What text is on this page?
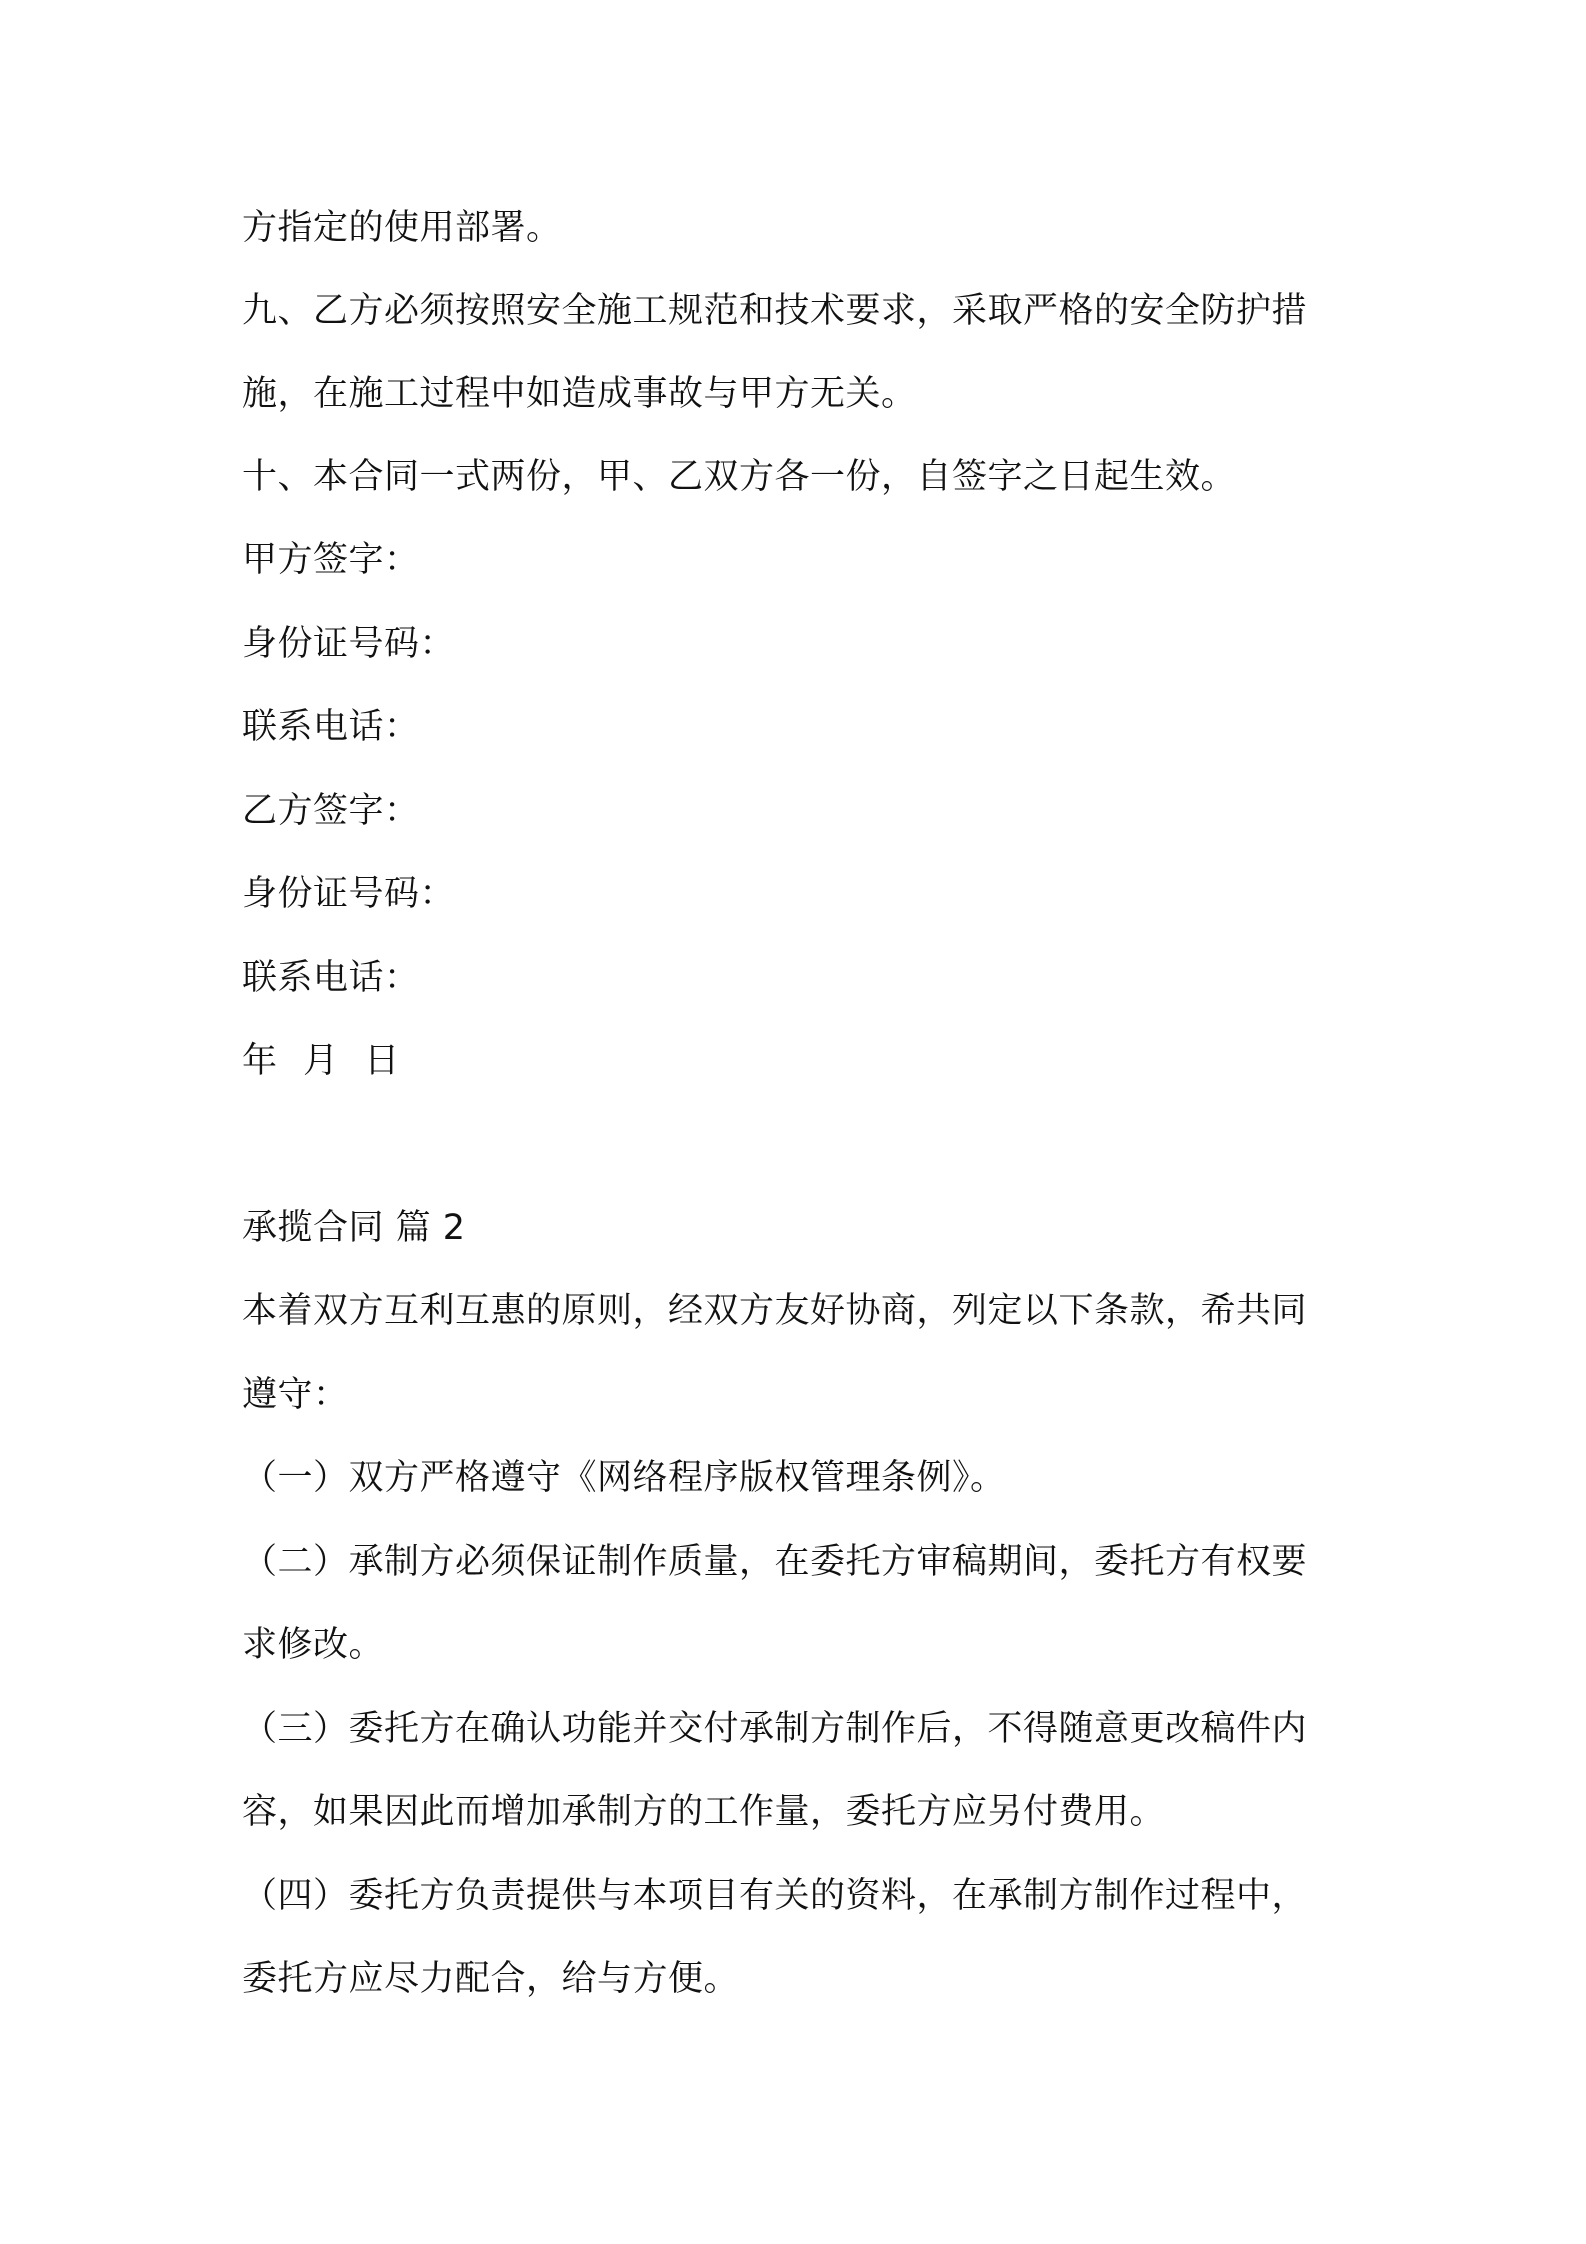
方指定的使用部署。

九、乙方必须按照安全施工规范和技术要求，采取严格的安全防护措

施，在施工过程中如造成事故与甲方无关。

十、本合同一式两份，甲、乙双方各一份，自签字之日起生效。

甲方签字：

身份证号码：

联系电话：

乙方签字：

身份证号码：

联系电话：

年 月 日

承揽合同 篇 2

本着双方互利互惠的原则，经双方友好协商，列定以下条款，希共同

遵守：

（一）双方严格遵守《网络程序版权管理条例》。

（二）承制方必须保证制作质量，在委托方审稿期间，委托方有权要

求修改。

（三）委托方在确认功能并交付承制方制作后，不得随意更改稿件内

容，如果因此而增加承制方的工作量，委托方应另付费用。

（四）委托方负责提供与本项目有关的资料，在承制方制作过程中，

委托方应尽力配合，给与方便。
